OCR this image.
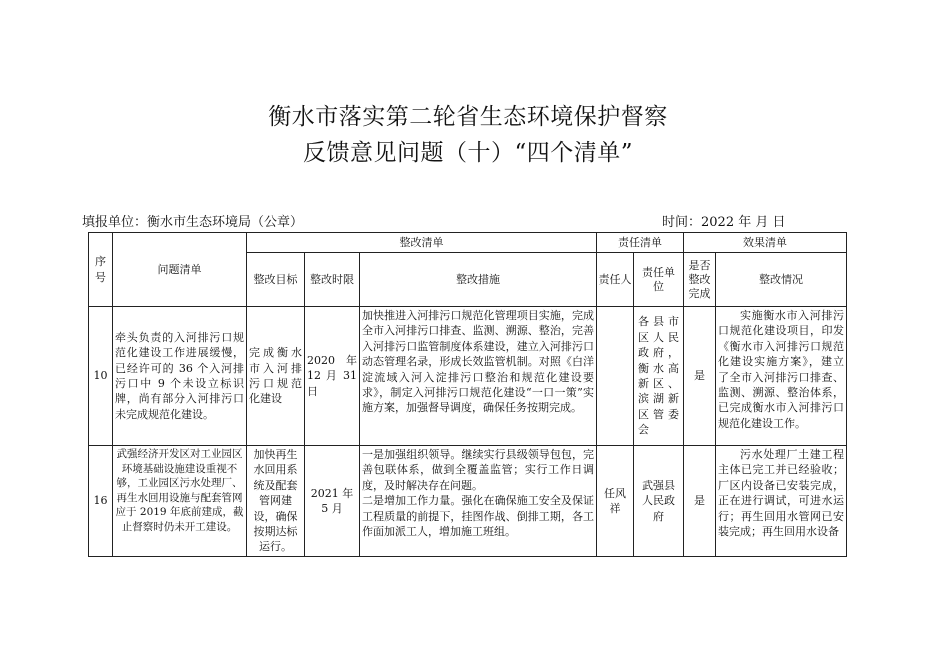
衡水市落实第二轮省生态环境保护督察
反馈意见问题（十）“四个清单”
填报单位：衡水市生态环境局（公章）	时间：2022 年 月 日
序号	问题清单	整改清单			责任清单		效果清单	
		整改目标	整改时限	整改措施	责任人	责任单位	是否整改完成	整改情况
10	牵头负责的入河排污口规范化建设工作进展缓慢，已经许可的 36 个入河排污口中 9 个未设立标识牌，尚有部分入河排污口未完成规范化建设。	完成衡水市入河排污口规范化建设	2020 年 12 月 31 日	加快推进入河排污口规范化管理项目实施，完成全市入河排污口排查、监测、溯源、整治，完善入河排污口监管制度体系建设，建立入河排污口动态管理名录，形成长效监管机制。对照《白洋淀流域入河入淀排污口整治和规范化建设要求》，制定入河排污口规范化建设“一口一策”实施方案，加强督导调度，确保任务按期完成。		各县市区人民政府，衡水高新区、滨湖新区管委会	是	实施衡水市入河排污口规范化建设项目，印发《衡水市入河排污口规范化建设实施方案》，建立了全市入河排污口排查、监测、溯源、整治体系，已完成衡水市入河排污口规范化建设工作。
16	武强经济开发区对工业园区环境基础设施建设重视不够，工业园区污水处理厂、再生水回用设施与配套管网应于 2019 年底前建成，截止督察时仍未开工建设。	加快再生水回用系统及配套管网建设，确保按期达标运行。	2021 年 5 月	一是加强组织领导。继续实行县级领导包包，完善包联体系，做到全覆盖监管；实行工作日调度，及时解决存在问题。
二是增加工作力量。强化在确保施工安全及保证工程质量的前提下，挂图作战、倒排工期，各工作面加派工人，增加施工班组。	任风祥	武强县人民政府	是	污水处理厂土建工程主体已完工并已经验收；厂区内设备已安装完成，正在进行调试，可进水运行；再生回用水管网已安装完成；再生回用水设备
